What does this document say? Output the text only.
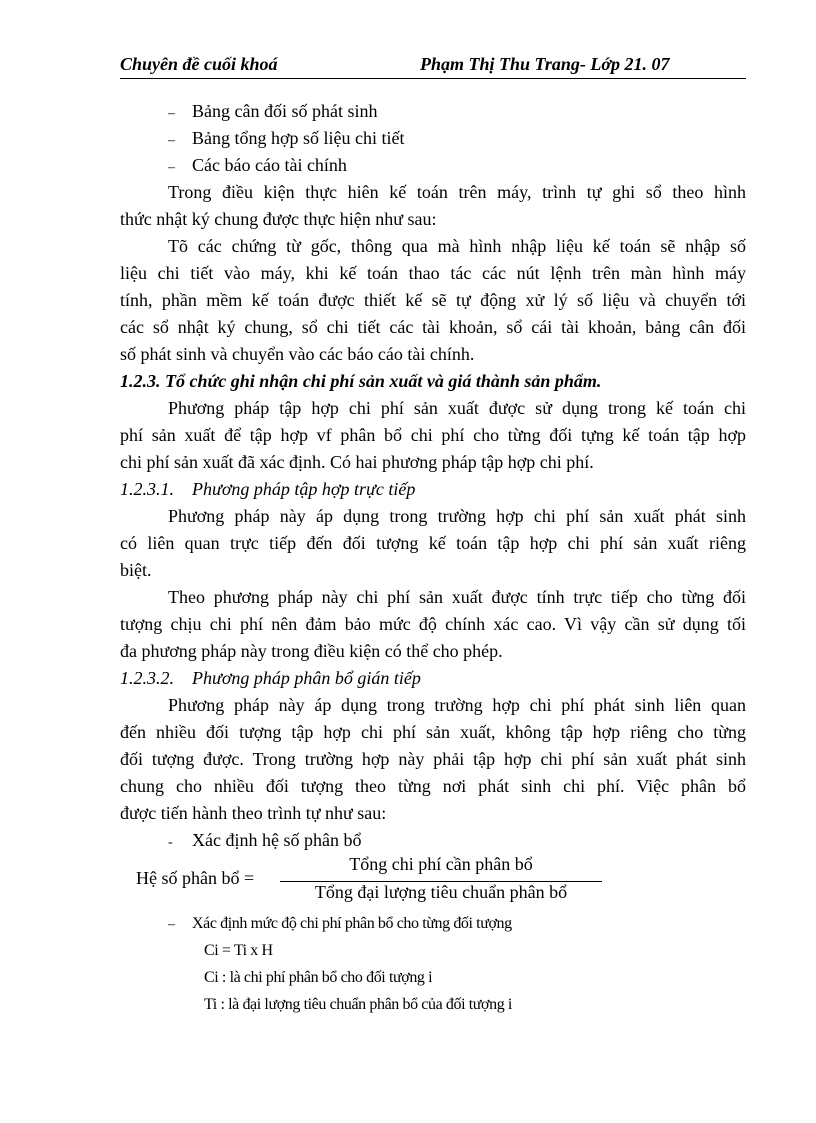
Chuyên đề cuối khoá	Phạm Thị Thu Trang- Lớp 21. 07
– Bảng cân đối số phát sinh
– Bảng tổng hợp số liệu chi tiết
– Các báo cáo tài chính
Trong điều kiện thực hiên kế toán trên máy, trình tự ghi sổ theo hình
thức nhật ký chung được thực hiện như sau:
Tõ các chứng từ gốc, thông qua mà hình nhập liệu kế toán sẽ nhập số
liệu chi tiết vào máy, khi kế toán thao tác các nút lệnh trên màn hình máy
tính, phần mềm kế toán được thiết kế sẽ tự động xử lý số liệu và chuyển tới
các sổ nhật ký chung, sổ chi tiết các tài khoản, sổ cái tài khoản, bảng cân đối
số phát sinh và chuyển vào các báo cáo tài chính.
1.2.3. Tổ chức ghi nhận chi phí sản xuất và giá thành sản phẩm.
Phương pháp tập hợp chi phí sản xuất được sử dụng trong kế toán chi
phí sản xuất để tập hợp vf phân bổ chi phí cho từng đối tựng kế toán tập hợp
chi phí sản xuất đã xác định. Có hai phương pháp tập hợp chi phí.
1.2.3.1. Phương pháp tập hợp trực tiếp
Phương pháp này áp dụng trong trường hợp chi phí sản xuất phát sinh
có liên quan trực tiếp đến đối tượng kế toán tập hợp chi phí sản xuất riêng
biệt.
Theo phương pháp này chi phí sản xuất được tính trực tiếp cho từng đối
tượng chịu chi phí nên đảm bảo mức độ chính xác cao. Vì vậy cần sử dụng tối
đa phương pháp này trong điều kiện có thể cho phép.
1.2.3.2. Phương pháp phân bổ gián tiếp
Phương pháp này áp dụng trong trường hợp chi phí phát sinh liên quan
đến nhiều đối tượng tập hợp chi phí sản xuất, không tập hợp riêng cho từng
đối tượng được. Trong trường hợp này phải tập hợp chi phí sản xuất phát sinh
chung cho nhiều đối tượng theo từng nơi phát sinh chi phí. Việc phân bổ
được tiến hành theo trình tự như sau:
- Xác định hệ số phân bổ
Hệ số phân bổ =
Tổng chi phí cần phân bổ
Tổng đại lượng tiêu chuẩn phân bổ
– Xác định mức độ chi phí phân bổ cho từng đối tượng
Ci = Ti x H
Ci : là chi phí phân bổ cho đối tượng i
Ti : là đại lượng tiêu chuẩn phân bổ của đối tượng i
